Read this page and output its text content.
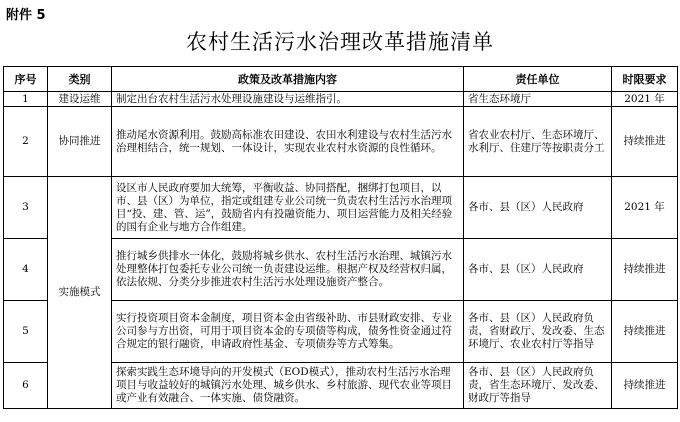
附件 5
农村生活污水治理改革措施清单
序号	类别	政策及改革措施内容	责任单位	时限要求
1	建设运维	制定出台农村生活污水处理设施建设与运维指引。	省生态环境厅	2021 年
2	协同推进	推动尾水资源利用。鼓励高标准农田建设、农田水利建设与农村生活污水治理相结合，统一规划、一体设计，实现农业农村水资源的良性循环。	省农业农村厅、生态环境厅、水利厅、住建厅等按职责分工	持续推进
3	实施模式	设区市人民政府要加大统筹，平衡收益、协同搭配，捆绑打包项目，以市、县（区）为单位，指定或组建专业公司统一负责农村生活污水治理项目“投、建、管、运”，鼓励省内有投融资能力、项目运营能力及相关经验的国有企业与地方合作组建。	各市、县（区）人民政府	2021 年
4		推行城乡供排水一体化，鼓励将城乡供水、农村生活污水治理、城镇污水处理整体打包委托专业公司统一负责建设运维。根据产权及经营权归属，依法依规、分类分步推进农村生活污水处理设施资产整合。	各市、县（区）人民政府	持续推进
5		实行投资项目资本金制度，项目资本金由省级补助、市县财政安排、专业公司参与方出资，可用于项目资本金的专项债等构成，债务性资金通过符合规定的银行融资，申请政府性基金、专项债券等方式筹集。	各市、县（区）人民政府负责，省财政厅、发改委、生态环境厅、农业农村厅等指导	持续推进
6		探索实践生态环境导向的开发模式（EOD模式），推动农村生活污水治理项目与收益较好的城镇污水处理、城乡供水、乡村旅游、现代农业等项目或产业有效融合、一体实施、债贷融资。	各市、县（区）人民政府负责，省生态环境厅、发改委、财政厅等指导	持续推进
